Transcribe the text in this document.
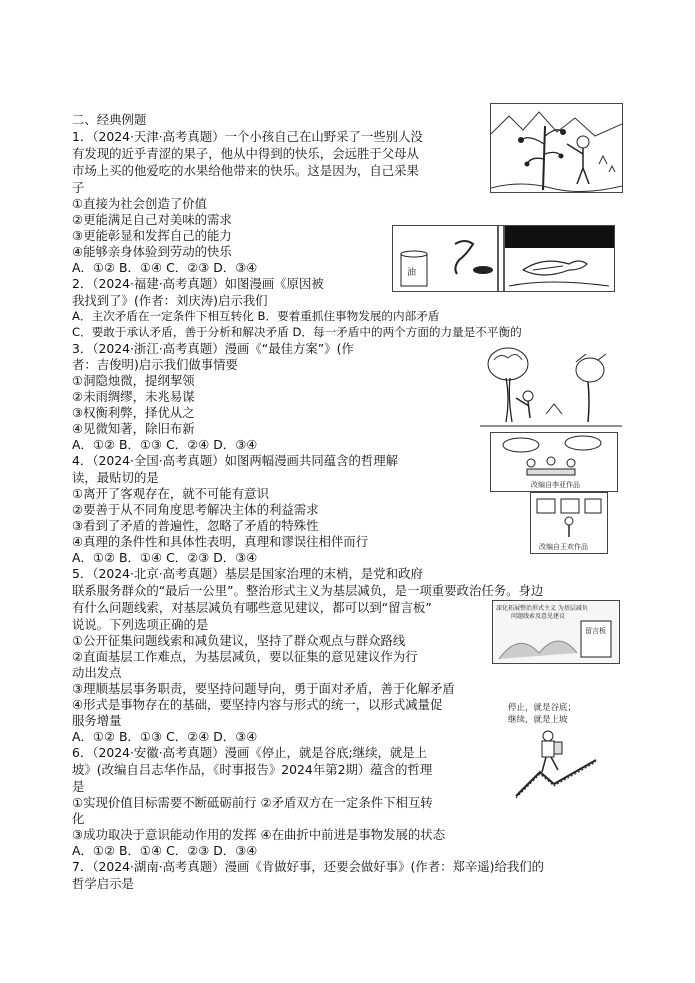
二、经典例题
1．（2024·天津·高考真题）一个小孩自己在山野采了一些别人没
有发现的近乎青涩的果子，他从中得到的快乐，会远胜于父母从
市场上买的他爱吃的水果给他带来的快乐。这是因为，自己采果
子
①直接为社会创造了价值
②更能满足自己对美味的需求
③更能彰显和发挥自己的能力
④能够亲身体验到劳动的快乐
A．①② B．①④ C．②③ D．③④
2．（2024·福建·高考真题）如图漫画《原因被
我找到了》(作者：刘庆涛)启示我们
A．主次矛盾在一定条件下相互转化 B．要着重抓住事物发展的内部矛盾
C．要敢于承认矛盾，善于分析和解决矛盾 D．每一矛盾中的两个方面的力量是不平衡的
3．（2024·浙江·高考真题）漫画《“最佳方案”》(作
者：吉俊明)启示我们做事情要
①洞隐烛微，提纲挈领
②未雨绸缪，未兆易谋
③权衡利弊，择优从之
④见微知著，除旧布新
A．①② B．①③ C．②④ D．③④
4．（2024·全国·高考真题）如图两幅漫画共同蕴含的哲理解
读，最贴切的是
①离开了客观存在，就不可能有意识
②要善于从不同角度思考解决主体的利益需求
③看到了矛盾的普遍性，忽略了矛盾的特殊性
④真理的条件性和具体性表明，真理和谬误往相伴而行
A．①② B．①④ C．②③ D．③④
5．（2024·北京·高考真题）基层是国家治理的末梢，是党和政府
联系服务群众的“最后一公里”。整治形式主义为基层减负，是一项重要政治任务。身边
有什么问题线索，对基层减负有哪些意见建议，都可以到“留言板”
说说。下列选项正确的是
①公开征集问题线索和减负建议，坚持了群众观点与群众路线
②直面基层工作难点，为基层减负，要以征集的意见建议作为行
动出发点
③理顺基层事务职责，要坚持问题导向，勇于面对矛盾，善于化解矛盾
④形式是事物存在的基础，要坚持内容与形式的统一，以形式减量促
服务增量
A．①② B．①③ C．②④ D．③④
6．（2024·安徽·高考真题）漫画《停止，就是谷底;继续，就是上
坡》(改编自吕志华作品，《时事报告》2024年第2期）蕴含的哲理
是
①实现价值目标需要不断砥砺前行 ②矛盾双方在一定条件下相互转
化
③成功取决于意识能动作用的发挥 ④在曲折中前进是事物发展的状态
A．①② B．①④ C．②③ D．③④
7．（2024·湖南·高考真题）漫画《肯做好事，还要会做好事》(作者：郑辛遥)给我们的
哲学启示是
油
改编自李亚作品
改编自王欢作品
深化拓展整治形式主义 为基层减负
问题线索及意见建议
留言板
停止，就是谷底；
继续，就是上坡
